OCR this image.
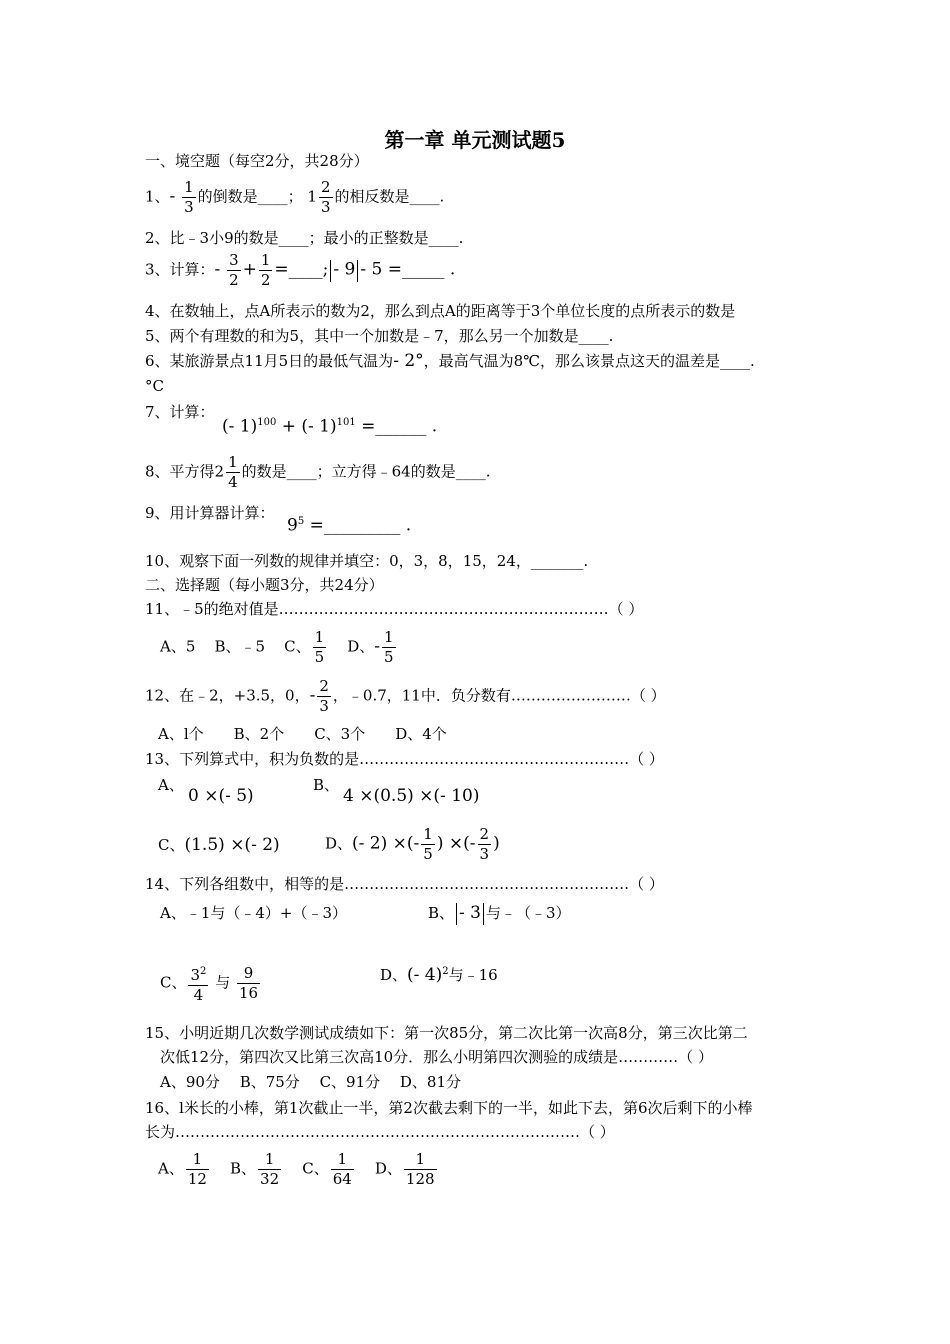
第一章 单元测试题5
一、境空题（每空2分，共28分）
1、- $\frac{1}{3}$ 的倒数是____； $1 \frac{2}{3}$ 的相反数是____.
2、比﹣3小9的数是____；最小的正整数是____.
3、计算：- $\frac{3}{2} + \frac{1}{2}$ =____; - 9 - 5 =_____ .
4、在数轴上，点A所表示的数为2，那么到点A的距离等于3个单位长度的点所表示的数是
5、两个有理数的和为5，其中一个加数是﹣7，那么另一个加数是____.
6、某旅游景点11月5日的最低气温为- 2°，最高气温为8℃，那么该景点这天的温差是____.
°C
7、计算：
(- 1)$^{100}$ + (- 1)$^{101}$ =______ .
8、平方得$2 \frac{1}{4}$ 的数是____；立方得﹣64的数是____.
9、用计算器计算：
$9^5$ =_________ .
10、观察下面一列数的规律并填空：0，3，8，15，24，_______.
二、选择题（每小题3分，共24分）
11、﹣5的绝对值是…………………………………………………………（ ）
A、5 B、﹣5 C、 $\frac{1}{5}$ D、- $\frac{1}{5}$
12、在﹣2，+3.5，0，- $\frac{2}{3}$ ，﹣0.7，11中．负分数有……………………（ ）
A、l个　　B、2个　　C、3个　　D、4个
13、下列算式中，积为负数的是………………………………………………（ ）
A、
0 ×(- 5)
B、
4 ×(0.5) ×(- 10)
C、(1.5) ×(- 2)	D、(- 2) ×(- $\frac{1}{5}$ ) ×(- $\frac{2}{3}$ )
14、下列各组数中，相等的是…………………………………………………（ ）
A、﹣1与（﹣4）+（﹣3）	B、 - 3 与﹣（﹣3）
C、 $\frac{3^2}{4}$ 与 $\frac{9}{16}$	D、(- 4)$^2$与﹣16
15、小明近期几次数学测试成绩如下：第一次85分，第二次比第一次高8分，第三次比第二
次低12分，第四次又比第三次高10分．那么小明第四次测验的成绩是…………（ ）
A、90分　 B、75分　 C、91分　 D、81分
16、l米长的小棒，第1次截止一半，第2次截去剩下的一半，如此下去，第6次后剩下的小棒
长为………………………………………………………………………（ ）
A、 $\frac{1}{12}$ B、 $\frac{1}{32}$ C、 $\frac{1}{64}$ D、 $\frac{1}{128}$
